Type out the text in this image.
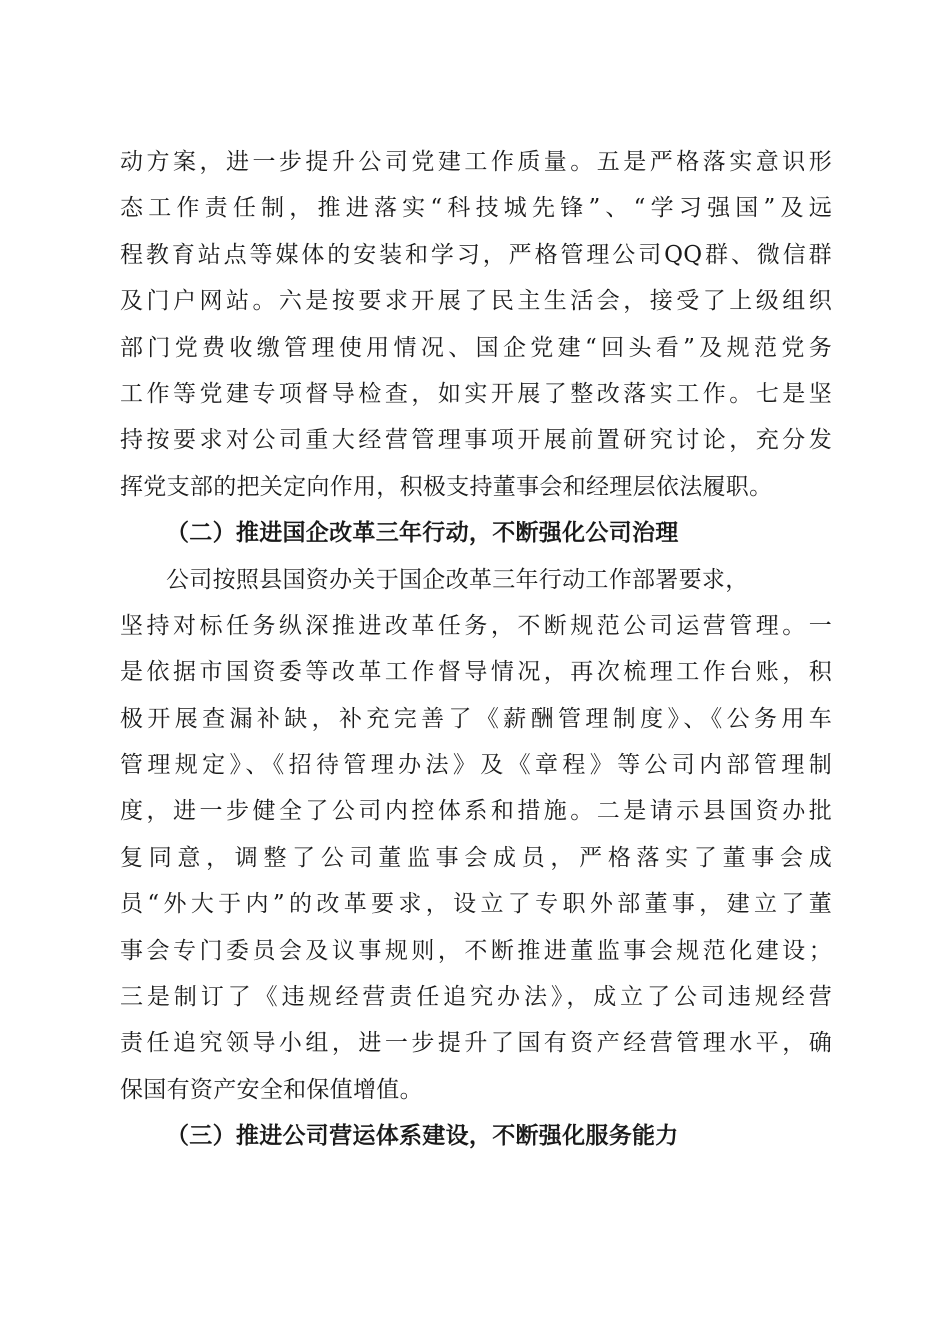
动方案，进一步提升公司党建工作质量。五是严格落实意识形
态工作责任制，推进落实“科技城先锋”、“学习强国”及远
程教育站点等媒体的安装和学习，严格管理公司QQ群、微信群
及门户网站。六是按要求开展了民主生活会，接受了上级组织
部门党费收缴管理使用情况、国企党建“回头看”及规范党务
工作等党建专项督导检查，如实开展了整改落实工作。七是坚
持按要求对公司重大经营管理事项开展前置研究讨论，充分发
挥党支部的把关定向作用，积极支持董事会和经理层依法履职。
（二）推进国企改革三年行动，不断强化公司治理
公司按照县国资办关于国企改革三年行动工作部署要求，
坚持对标任务纵深推进改革任务，不断规范公司运营管理。一
是依据市国资委等改革工作督导情况，再次梳理工作台账，积
极开展查漏补缺，补充完善了《薪酬管理制度》、《公务用车
管理规定》、《招待管理办法》及《章程》等公司内部管理制
度，进一步健全了公司内控体系和措施。二是请示县国资办批
复同意，调整了公司董监事会成员，严格落实了董事会成
员“外大于内”的改革要求，设立了专职外部董事，建立了董
事会专门委员会及议事规则，不断推进董监事会规范化建设；
三是制订了《违规经营责任追究办法》，成立了公司违规经营
责任追究领导小组，进一步提升了国有资产经营管理水平，确
保国有资产安全和保值增值。
（三）推进公司营运体系建设，不断强化服务能力
